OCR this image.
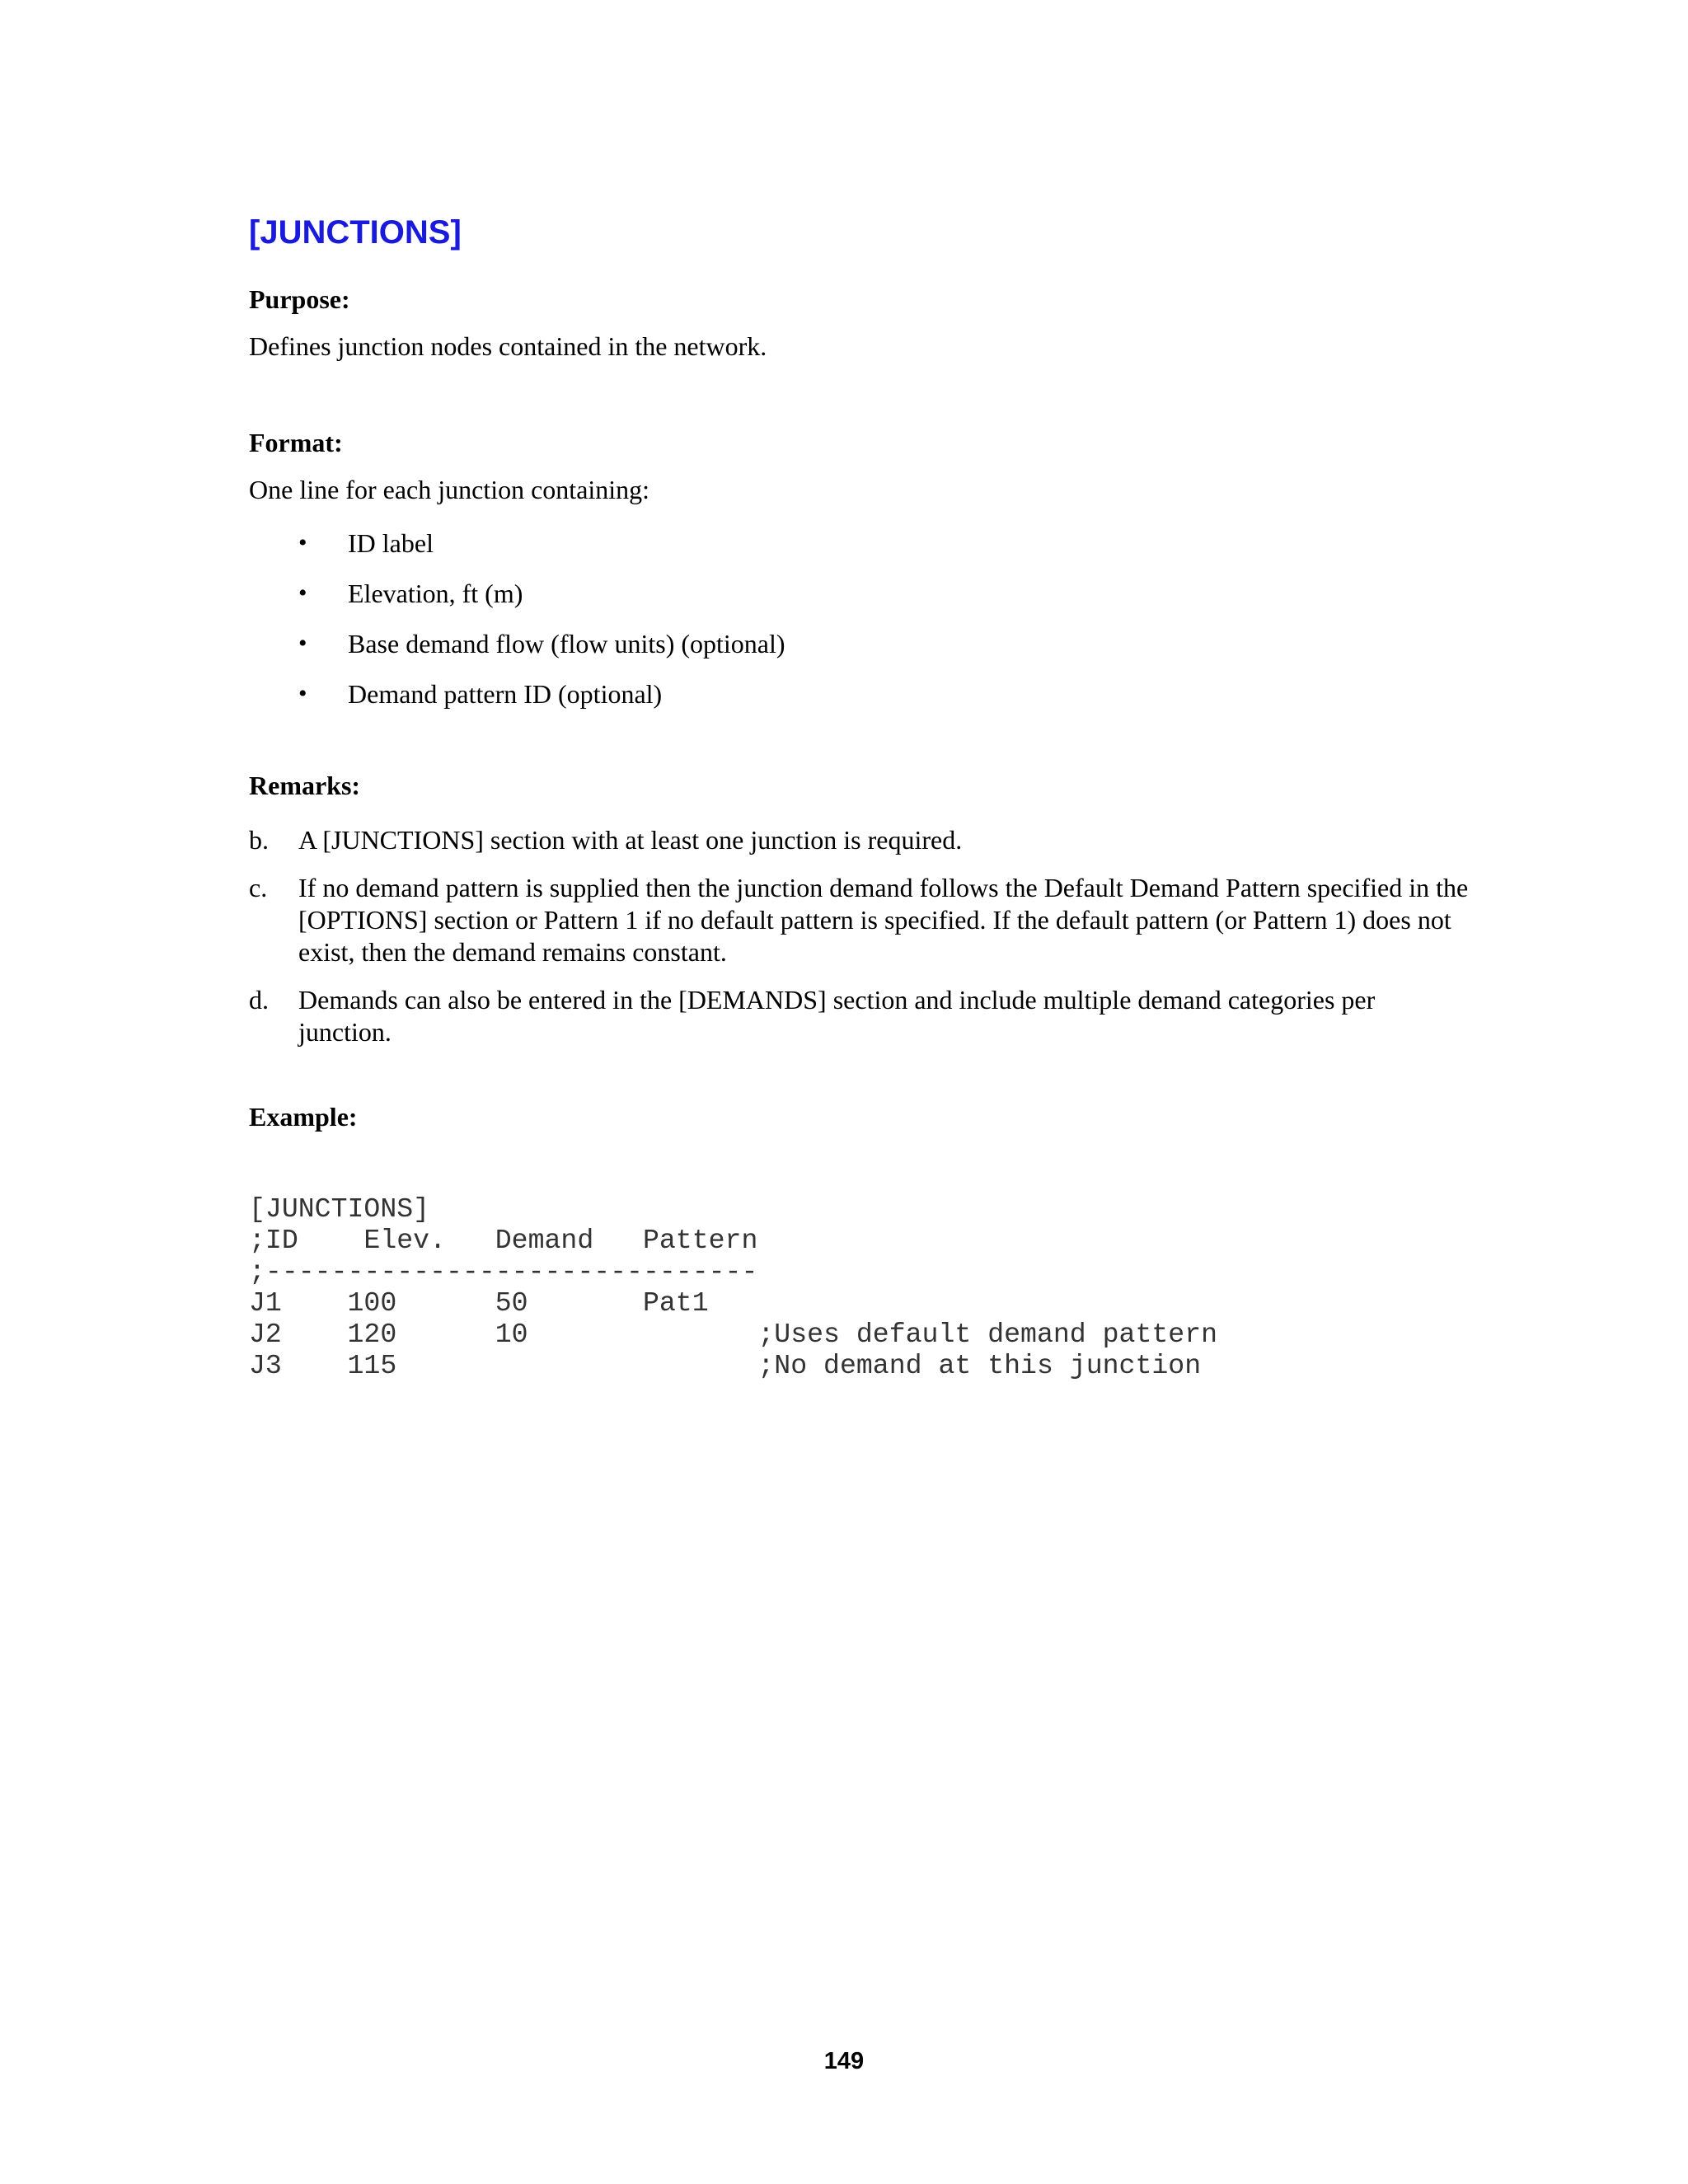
[JUNCTIONS]

Purpose:

Defines junction nodes contained in the network.

Format:

One line for each junction containing:

• ID label
• Elevation, ft (m)
• Base demand flow (flow units) (optional)
• Demand pattern ID (optional)

Remarks:

b. A [JUNCTIONS] section with at least one junction is required.
c. If no demand pattern is supplied then the junction demand follows the Default Demand Pattern specified in the [OPTIONS] section or Pattern 1 if no default pattern is specified. If the default pattern (or Pattern 1) does not exist, then the demand remains constant.
d. Demands can also be entered in the [DEMANDS] section and include multiple demand categories per junction.

Example:

[JUNCTIONS]
;ID    Elev.   Demand   Pattern
;------------------------------
J1    100      50       Pat1
J2    120      10              ;Uses default demand pattern
J3    115                      ;No demand at this junction

149
